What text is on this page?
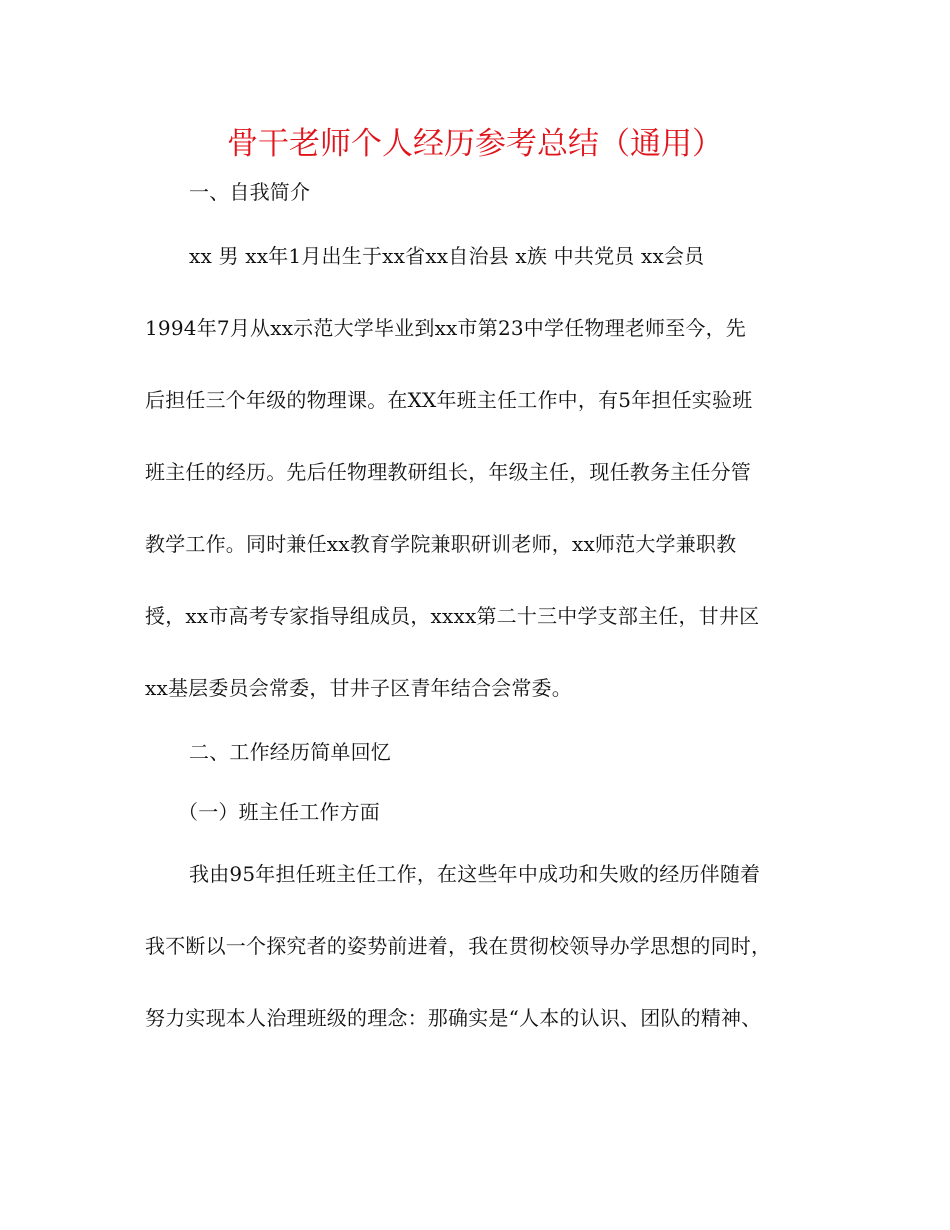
骨干老师个人经历参考总结（通用）
一、自我简介
xx 男 xx年1月出生于xx省xx自治县 x族 中共党员 xx会员
1994年7月从xx示范大学毕业到xx市第23中学任物理老师至今，先
后担任三个年级的物理课。在XX年班主任工作中，有5年担任实验班
班主任的经历。先后任物理教研组长，年级主任，现任教务主任分管
教学工作。同时兼任xx教育学院兼职研训老师，xx师范大学兼职教
授，xx市高考专家指导组成员，xxxx第二十三中学支部主任，甘井区
xx基层委员会常委，甘井子区青年结合会常委。
二、工作经历简单回忆
（一）班主任工作方面
我由95年担任班主任工作，在这些年中成功和失败的经历伴随着
我不断以一个探究者的姿势前进着，我在贯彻校领导办学思想的同时，
努力实现本人治理班级的理念：那确实是“人本的认识、团队的精神、
